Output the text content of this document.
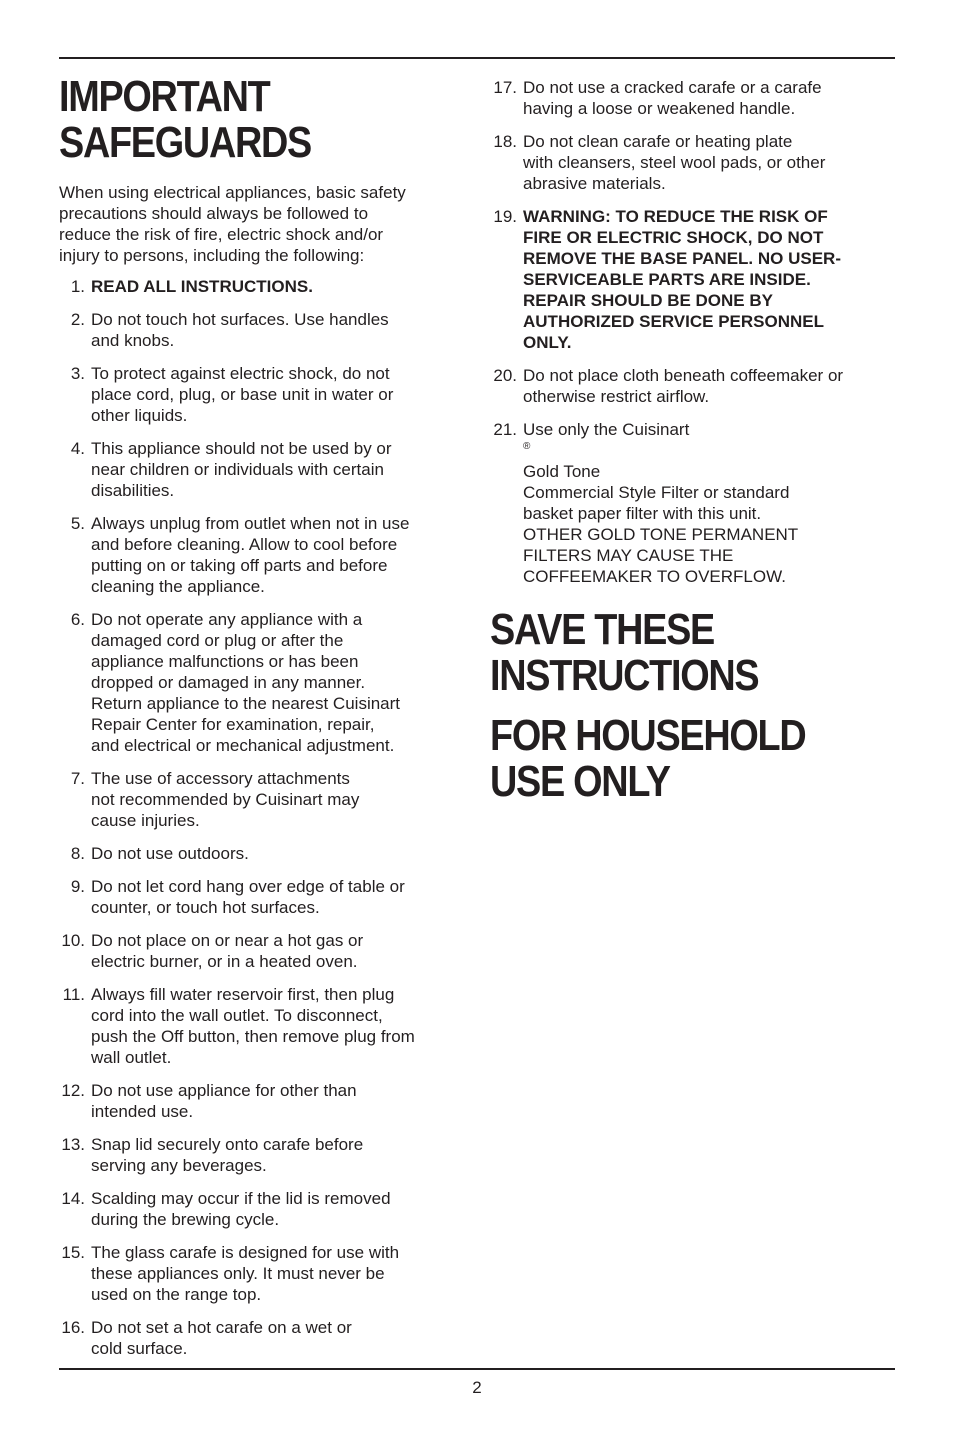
IMPORTANT
SAFEGUARDS
When using electrical appliances, basic safety
precautions should always be followed to
reduce the risk of fire, electric shock and/or
injury to persons, including the following:
1. READ ALL INSTRUCTIONS.
2. Do not touch hot surfaces. Use handles
and knobs.
3. To protect against electric shock, do not
place cord, plug, or base unit in water or
other liquids.
4. This appliance should not be used by or
near children or individuals with certain
disabilities.
5. Always unplug from outlet when not in use
and before cleaning. Allow to cool before
putting on or taking off parts and before
cleaning the appliance.
6. Do not operate any appliance with a
damaged cord or plug or after the
appliance malfunctions or has been
dropped or damaged in any manner.
Return appliance to the nearest Cuisinart
Repair Center for examination, repair,
and electrical or mechanical adjustment.
7. The use of accessory attachments
not recommended by Cuisinart may
cause injuries.
8. Do not use outdoors.
9. Do not let cord hang over edge of table or
counter, or touch hot surfaces.
10. Do not place on or near a hot gas or
electric burner, or in a heated oven.
11. Always fill water reservoir first, then plug
cord into the wall outlet. To disconnect,
push the Off button, then remove plug from
wall outlet.
12. Do not use appliance for other than
intended use.
13. Snap lid securely onto carafe before
serving any beverages.
14. Scalding may occur if the lid is removed
during the brewing cycle.
15. The glass carafe is designed for use with
these appliances only. It must never be
used on the range top.
16. Do not set a hot carafe on a wet or
cold surface.
17. Do not use a cracked carafe or a carafe
having a loose or weakened handle.
18. Do not clean carafe or heating plate
with cleansers, steel wool pads, or other
abrasive materials.
19. WARNING: TO REDUCE THE RISK OF
FIRE OR ELECTRIC SHOCK, DO NOT
REMOVE THE BASE PANEL. NO USER-
SERVICEABLE PARTS ARE INSIDE.
REPAIR SHOULD BE DONE BY
AUTHORIZED SERVICE PERSONNEL
ONLY.
20. Do not place cloth beneath coffeemaker or
otherwise restrict airflow.
21. Use only the Cuisinart
®
Gold Tone
Commercial Style Filter or standard
basket paper filter with this unit.
OTHER GOLD TONE PERMANENT
FILTERS MAY CAUSE THE
COFFEEMAKER TO OVERFLOW.
SAVE THESE
INSTRUCTIONS
FOR HOUSEHOLD
USE ONLY
2
